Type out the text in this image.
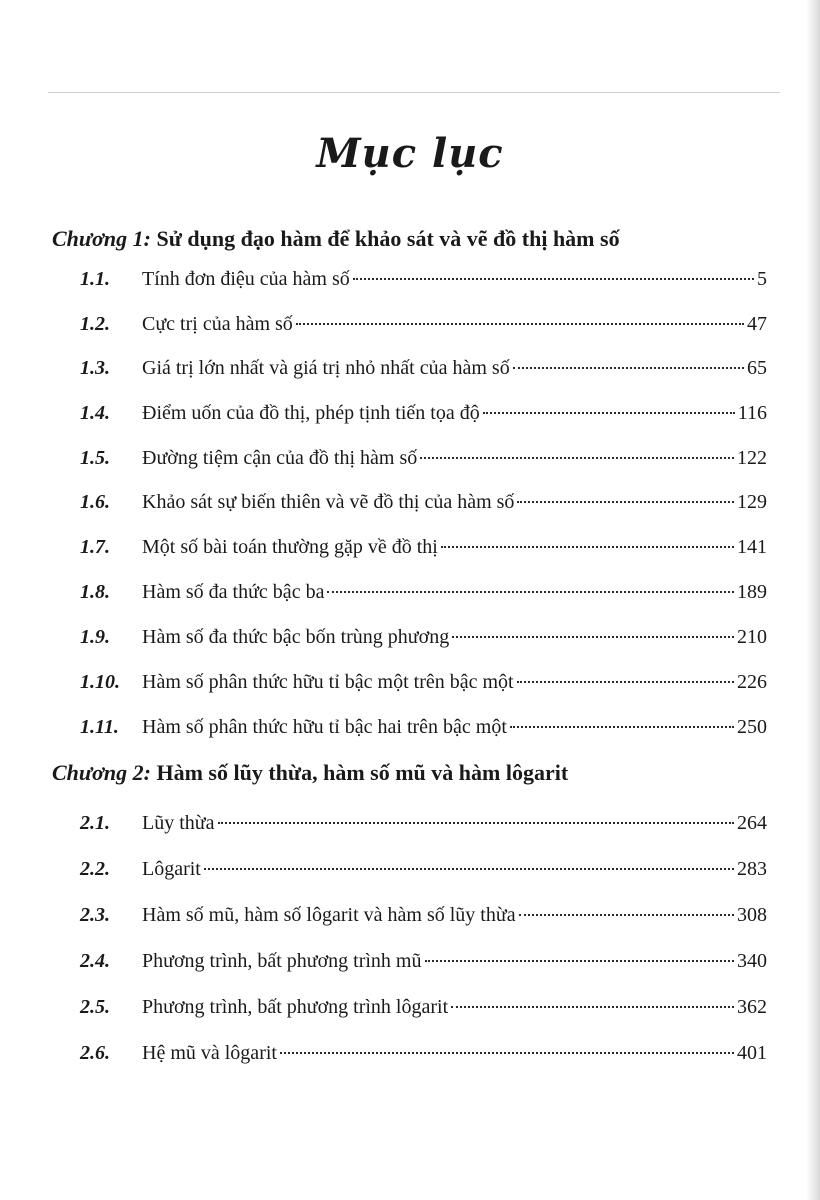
Mục lục
Chương 1: Sử dụng đạo hàm để khảo sát và vẽ đồ thị hàm số
1.1.	Tính đơn điệu của hàm số	5
1.2.	Cực trị của hàm số	47
1.3.	Giá trị lớn nhất và giá trị nhỏ nhất của hàm số	65
1.4.	Điểm uốn của đồ thị, phép tịnh tiến tọa độ	116
1.5.	Đường tiệm cận của đồ thị hàm số	122
1.6.	Khảo sát sự biến thiên và vẽ đồ thị của hàm số	129
1.7.	Một số bài toán thường gặp về đồ thị	141
1.8.	Hàm số đa thức bậc ba	189
1.9.	Hàm số đa thức bậc bốn trùng phương	210
1.10.	Hàm số phân thức hữu tỉ bậc một trên bậc một	226
1.11.	Hàm số phân thức hữu tỉ bậc hai trên bậc một	250
Chương 2: Hàm số lũy thừa, hàm số mũ và hàm lôgarit
2.1.	Lũy thừa	264
2.2.	Lôgarit	283
2.3.	Hàm số mũ, hàm số lôgarit và hàm số lũy thừa	308
2.4.	Phương trình, bất phương trình mũ	340
2.5.	Phương trình, bất phương trình lôgarit	362
2.6.	Hệ mũ và lôgarit	401
